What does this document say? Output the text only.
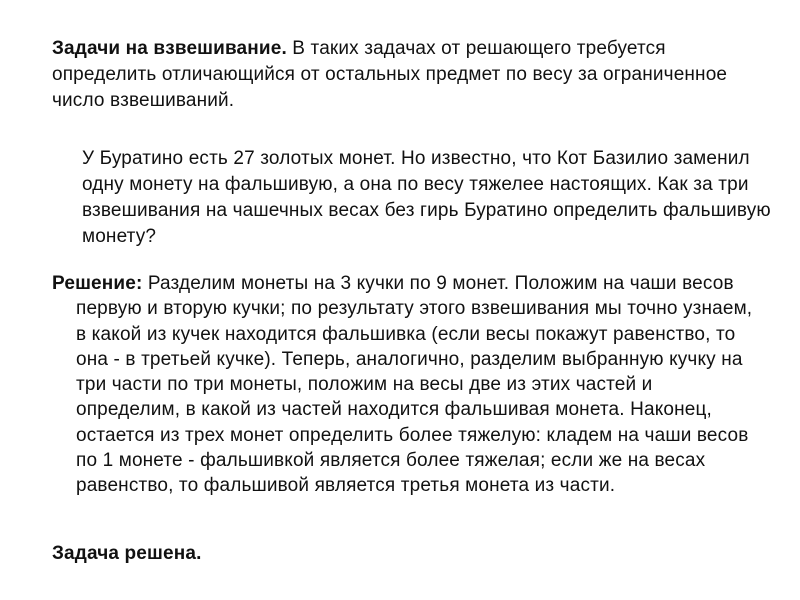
Задачи на взвешивание. В таких задачах от решающего требуется определить отличающийся от остальных предмет по весу за ограниченное число взвешиваний.
У Буратино есть 27 золотых монет. Но известно, что Кот Базилио заменил одну монету на фальшивую, а она по весу тяжелее настоящих. Как за три взвешивания на чашечных весах без гирь Буратино определить фальшивую монету?
Решение: Разделим монеты на 3 кучки по 9 монет. Положим на чаши весов первую и вторую кучки; по результату этого взвешивания мы точно узнаем, в какой из кучек находится фальшивка (если весы покажут равенство, то она - в третьей кучке). Теперь, аналогично, разделим выбранную кучку на три части по три монеты, положим на весы две из этих частей и определим, в какой из частей находится фальшивая монета. Наконец, остается из трех монет определить более тяжелую: кладем на чаши весов по 1 монете - фальшивкой является более тяжелая; если же на весах равенство, то фальшивой является третья монета из части.
Задача решена.
